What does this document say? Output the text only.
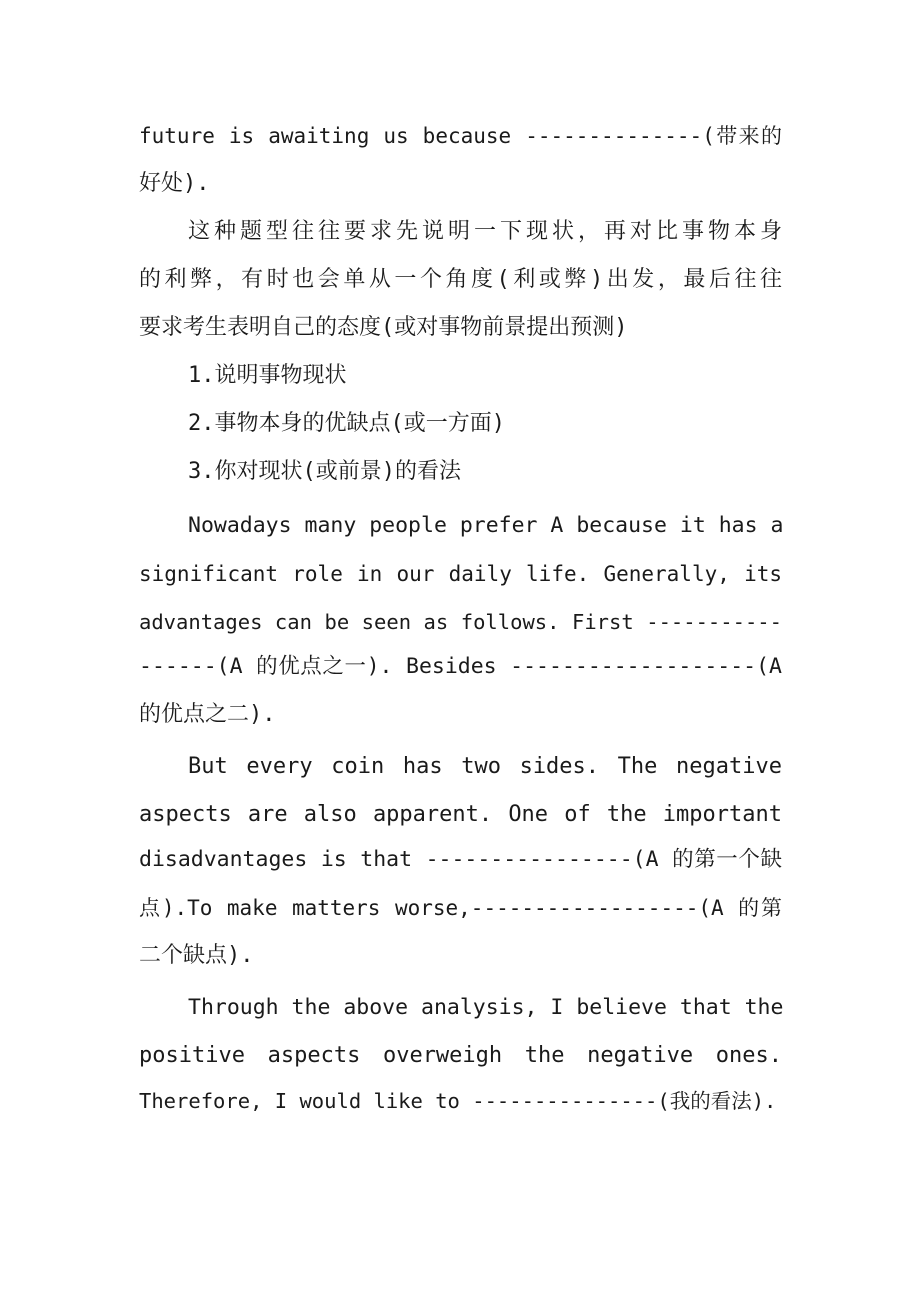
future is awaiting us because --------------(带来的
好处).
这种题型往往要求先说明一下现状，再对比事物本身
的利弊，有时也会单从一个角度(利或弊)出发，最后往往
要求考生表明自己的态度(或对事物前景提出预测)
1.说明事物现状
2.事物本身的优缺点(或一方面)
3.你对现状(或前景)的看法
Nowadays many people prefer A because it has a
significant role in our daily life. Generally, its
advantages can be seen as follows. First -----------
------(A 的优点之一). Besides -------------------(A
的优点之二).
But every coin has two sides. The negative
aspects are also apparent. One of the important
disadvantages is that ----------------(A 的第一个缺
点).To make matters worse,------------------(A 的第
二个缺点).
Through the above analysis, I believe that the
positive aspects overweigh the negative ones.
Therefore, I would like to ---------------(我的看法).
